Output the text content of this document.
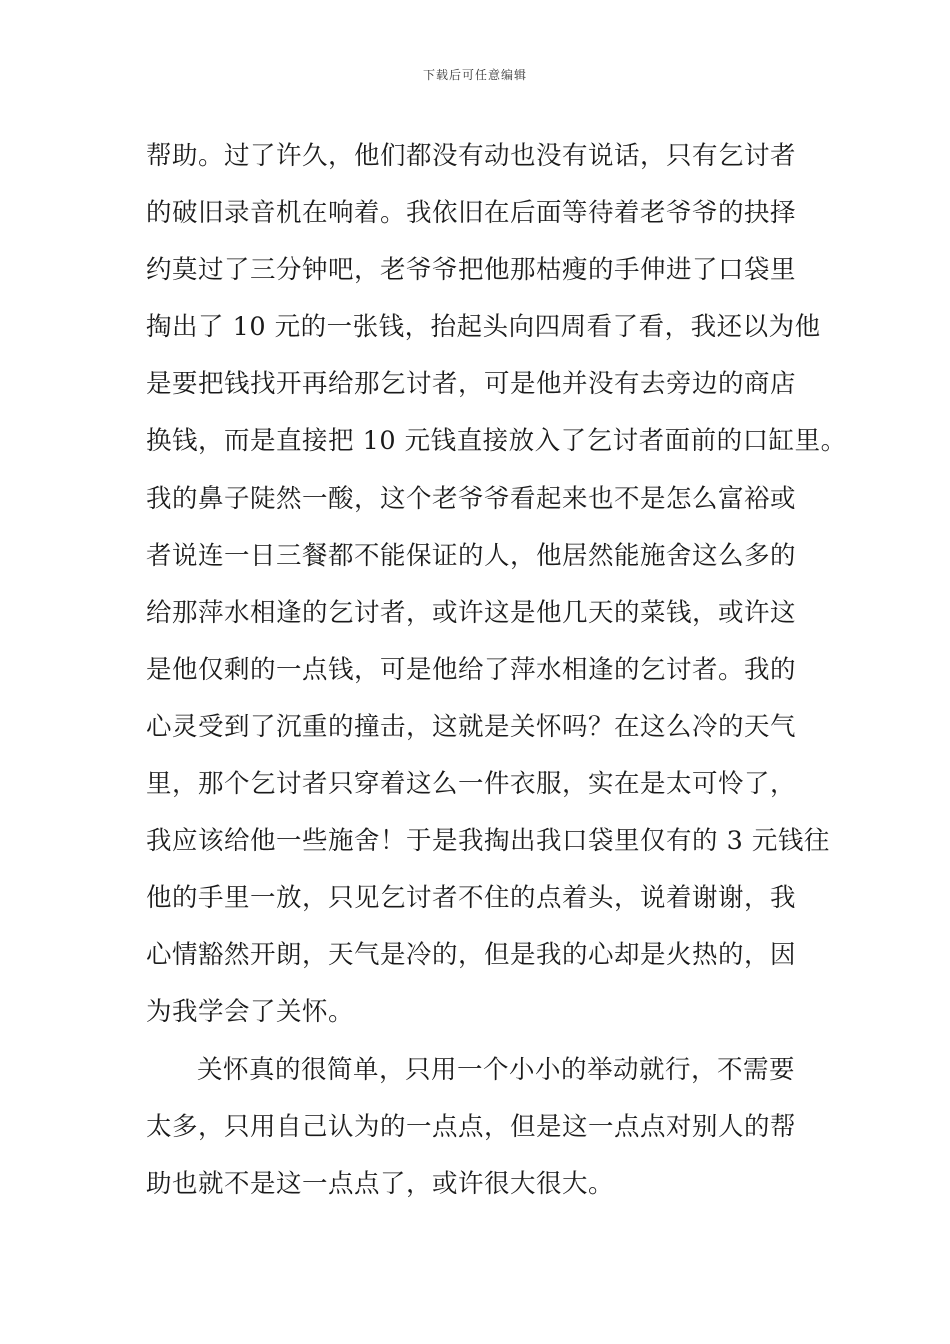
下载后可任意编辑
帮助。过了许久，他们都没有动也没有说话，只有乞讨者
的破旧录音机在响着。我依旧在后面等待着老爷爷的抉择
约莫过了三分钟吧，老爷爷把他那枯瘦的手伸进了口袋里
掏出了 10 元的一张钱，抬起头向四周看了看，我还以为他
是要把钱找开再给那乞讨者，可是他并没有去旁边的商店
换钱，而是直接把 10 元钱直接放入了乞讨者面前的口缸里。
我的鼻子陡然一酸，这个老爷爷看起来也不是怎么富裕或
者说连一日三餐都不能保证的人，他居然能施舍这么多的
给那萍水相逢的乞讨者，或许这是他几天的菜钱，或许这
是他仅剩的一点钱，可是他给了萍水相逢的乞讨者。我的
心灵受到了沉重的撞击，这就是关怀吗？在这么冷的天气
里，那个乞讨者只穿着这么一件衣服，实在是太可怜了，
我应该给他一些施舍！于是我掏出我口袋里仅有的 3 元钱往
他的手里一放，只见乞讨者不住的点着头，说着谢谢，我
心情豁然开朗，天气是冷的，但是我的心却是火热的，因
为我学会了关怀。
关怀真的很简单，只用一个小小的举动就行，不需要
太多，只用自己认为的一点点，但是这一点点对别人的帮
助也就不是这一点点了，或许很大很大。
